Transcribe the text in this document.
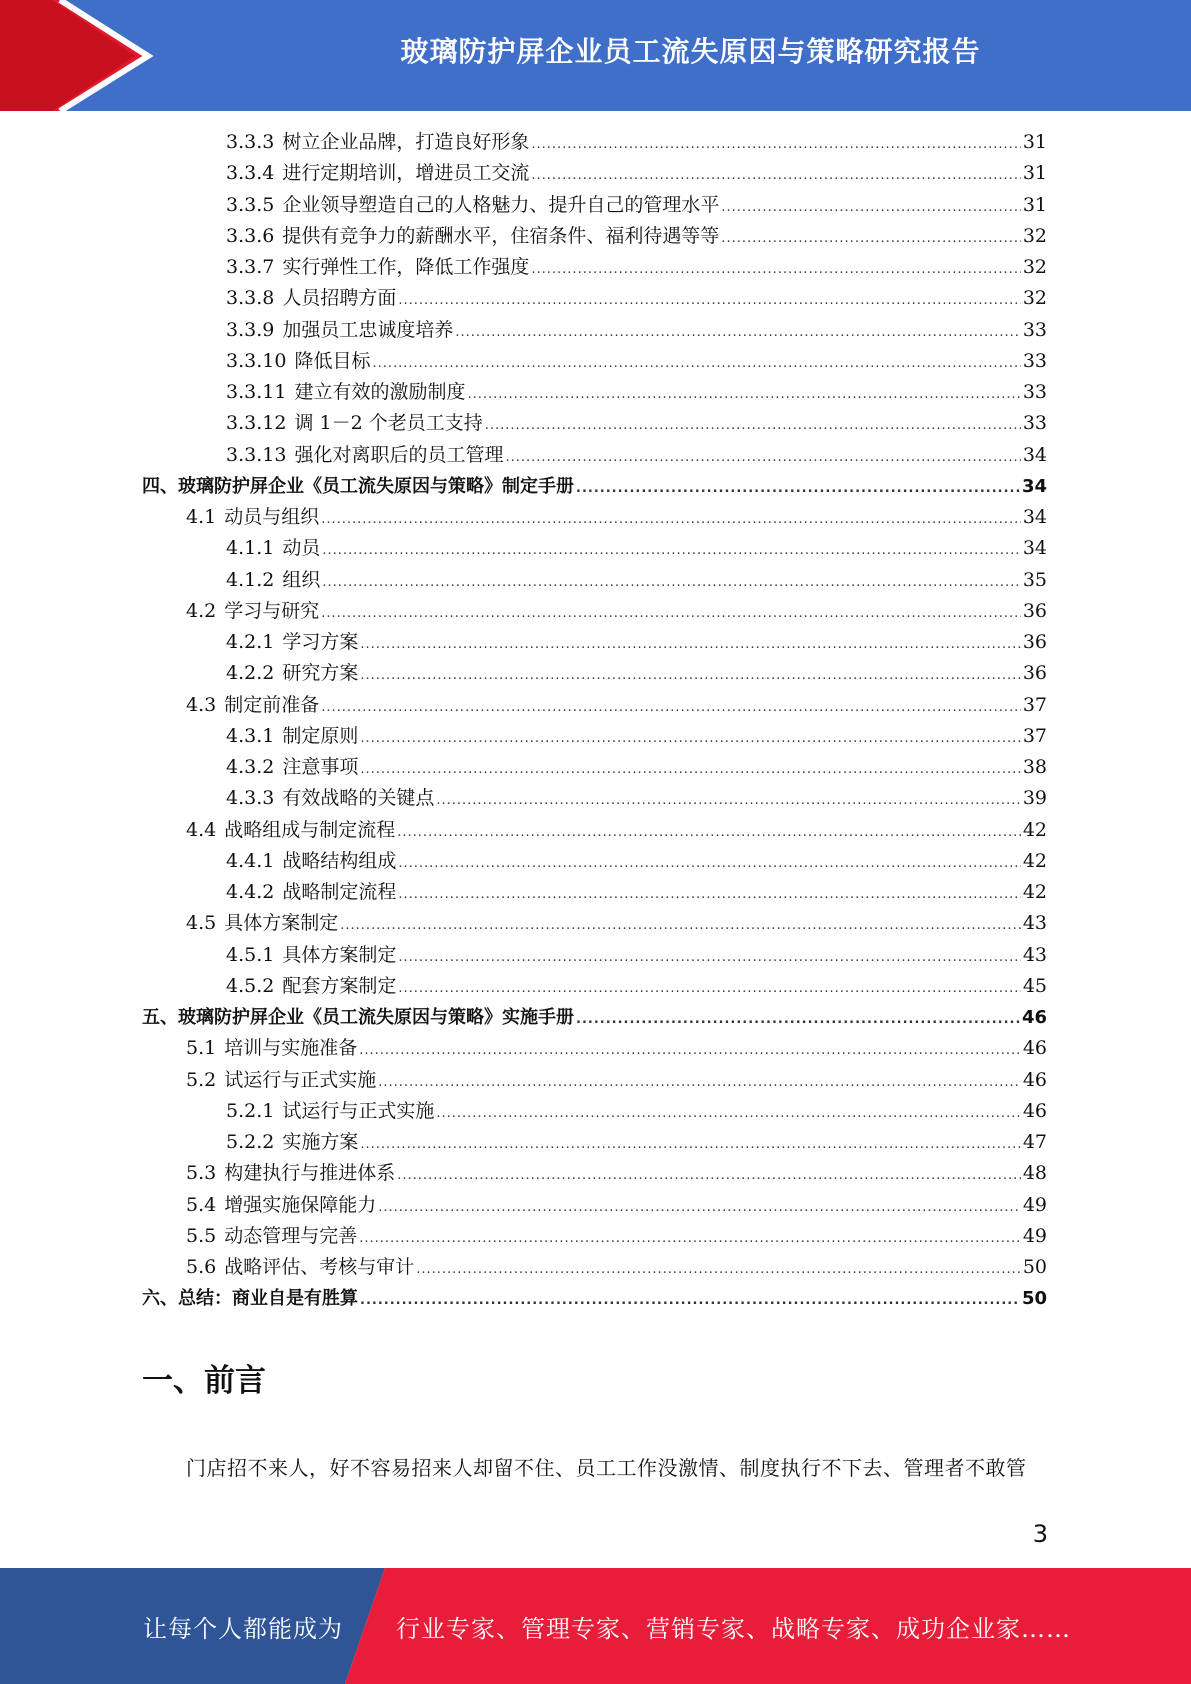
玻璃防护屏企业员工流失原因与策略研究报告
3.3.3 树立企业品牌，打造良好形象 .....	31
3.3.4 进行定期培训，增进员工交流 .....	31
3.3.5 企业领导塑造自己的人格魅力、提升自己的管理水平 .....	31
3.3.6 提供有竞争力的薪酬水平，住宿条件、福利待遇等等 .....	32
3.3.7 实行弹性工作，降低工作强度 .....	32
3.3.8 人员招聘方面 .....	32
3.3.9 加强员工忠诚度培养 .....	33
3.3.10 降低目标 .....	33
3.3.11 建立有效的激励制度 .....	33
3.3.12 调 1－2 个老员工支持 .....	33
3.3.13 强化对离职后的员工管理 .....	34
四、玻璃防护屏企业《员工流失原因与策略》制定手册 .....	34
4.1 动员与组织 .....	34
4.1.1 动员 .....	34
4.1.2 组织 .....	35
4.2 学习与研究 .....	36
4.2.1 学习方案 .....	36
4.2.2 研究方案 .....	36
4.3 制定前准备 .....	37
4.3.1 制定原则 .....	37
4.3.2 注意事项 .....	38
4.3.3 有效战略的关键点 .....	39
4.4 战略组成与制定流程 .....	42
4.4.1 战略结构组成 .....	42
4.4.2 战略制定流程 .....	42
4.5 具体方案制定 .....	43
4.5.1 具体方案制定 .....	43
4.5.2 配套方案制定 .....	45
五、玻璃防护屏企业《员工流失原因与策略》实施手册 .....	46
5.1 培训与实施准备 .....	46
5.2 试运行与正式实施 .....	46
5.2.1 试运行与正式实施 .....	46
5.2.2 实施方案 .....	47
5.3 构建执行与推进体系 .....	48
5.4 增强实施保障能力 .....	49
5.5 动态管理与完善 .....	49
5.6 战略评估、考核与审计 .....	50
六、总结：商业自是有胜算 .....	50
一、前言
门店招不来人，好不容易招来人却留不住、员工工作没激情、制度执行不下去、管理者不敢管
3
让每个人都能成为 行业专家、管理专家、营销专家、战略专家、成功企业家……
